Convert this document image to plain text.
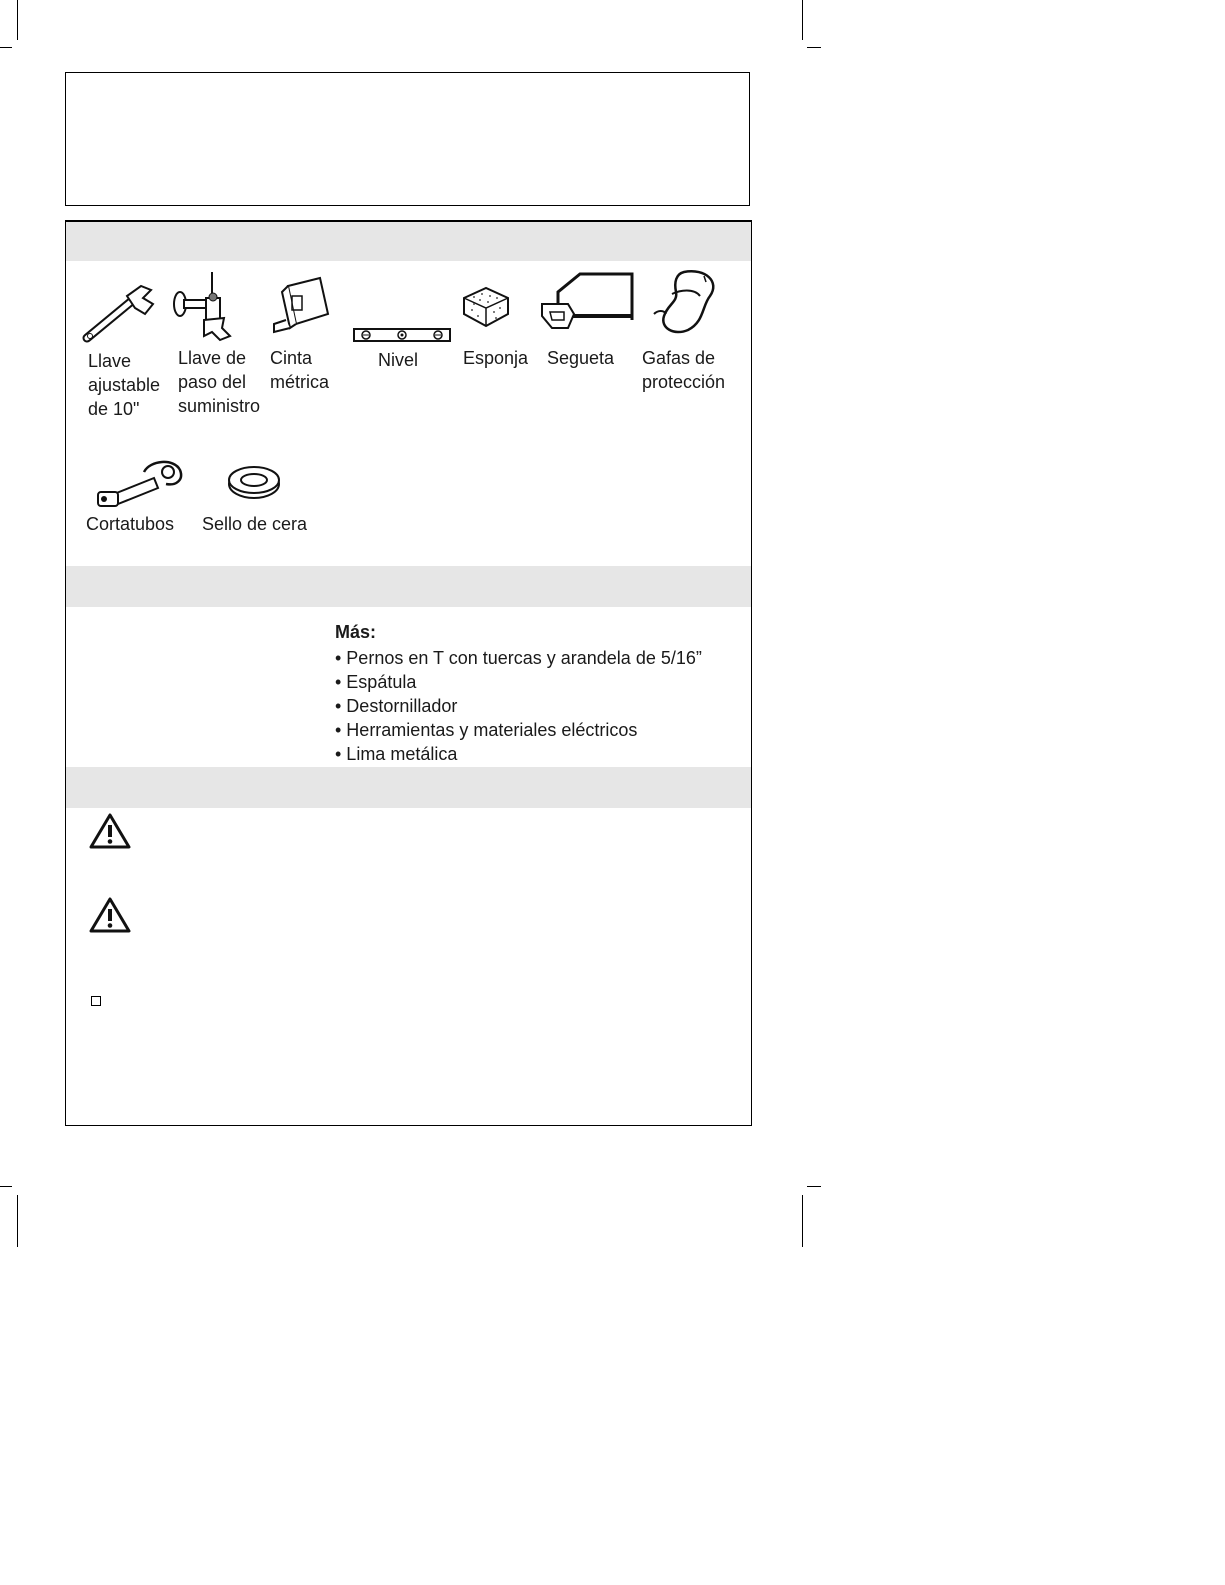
Llave
ajustable
de 10"
Llave de
paso del
suministro
Cinta
métrica
Nivel Esponja Segueta Gafas de
protección
Cortatubos Sello de cera
Más:
• Pernos en T con tuercas y arandela de 5/16”
• Espátula
• Destornillador
• Herramientas y materiales eléctricos
• Lima metálica
